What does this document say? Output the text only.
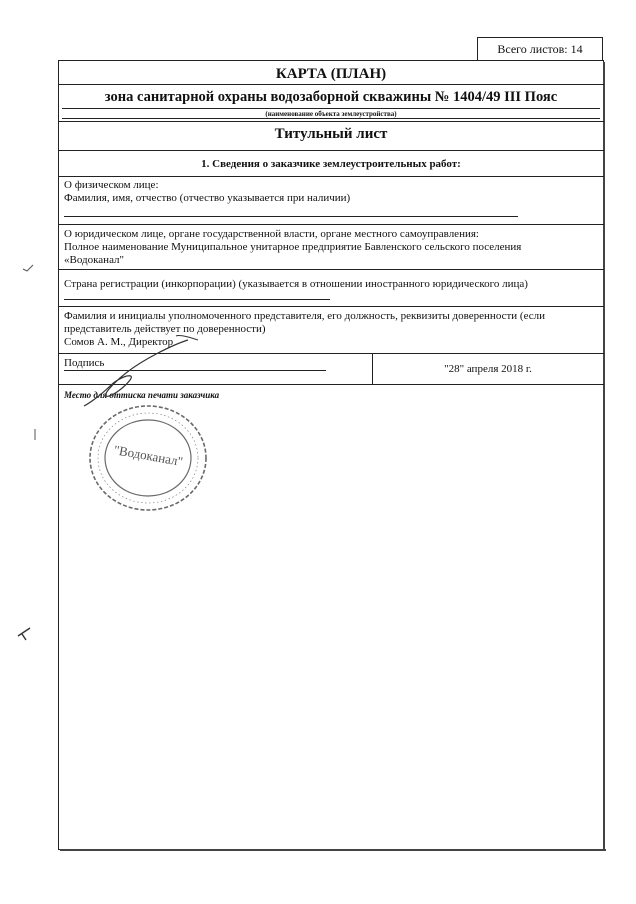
Всего листов: 14
КАРТА (ПЛАН)
зона санитарной охраны водозаборной скважины № 1404/49 III Пояс
(наименование объекта землеустройства)
Титульный лист
1. Сведения о заказчике землеустроительных работ:
О физическом лице:
Фамилия, имя, отчество (отчество указывается при наличии)
О юридическом лице, органе государственной власти, органе местного самоуправления:
Полное наименование Муниципальное унитарное предприятие Бавленского сельского поселения
«Водоканал"
Страна регистрации (инкорпорации) (указывается в отношении иностранного юридического лица)
Фамилия и инициалы уполномоченного представителя, его должность, реквизиты доверенности (если
представитель действует по доверенности)
Сомов А. М., Директор
Подпись	"28" апреля 2018 г.
Место для оттиска печати заказчика
"Водоканал"
